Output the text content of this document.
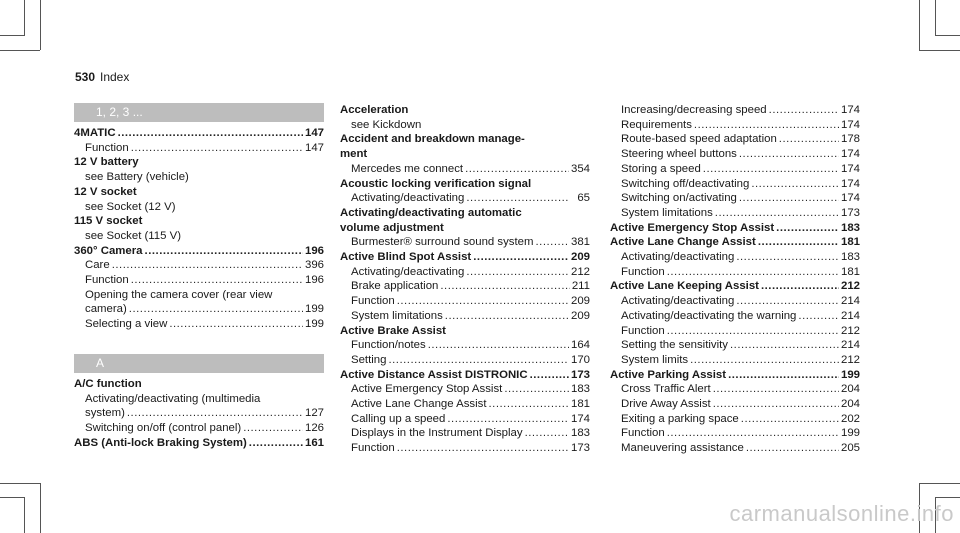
530 Index
1, 2, 3 ...
4MATIC .....	147
Function .....	147
12 V battery
see Battery (vehicle)
12 V socket
see Socket (12 V)
115 V socket
see Socket (115 V)
360° Camera .....	196
Care .....	396
Function .....	196
Opening the camera cover (rear view
camera) .....	199
Selecting a view .....	199
A
A/C function
Activating/deactivating (multimedia
system) .....	127
Switching on/off (control panel) .....	126
ABS (Anti-lock Braking System) .....	161
Acceleration
see Kickdown
Accident and breakdown manage-
ment
Mercedes me connect .....	354
Acoustic locking verification signal
Activating/deactivating .....	65
Activating/deactivating automatic
volume adjustment
Burmester® surround sound system .....	381
Active Blind Spot Assist .....	209
Activating/deactivating .....	212
Brake application .....	211
Function .....	209
System limitations .....	209
Active Brake Assist
Function/notes .....	164
Setting .....	170
Active Distance Assist DISTRONIC .....	173
Active Emergency Stop Assist .....	183
Active Lane Change Assist .....	181
Calling up a speed .....	174
Displays in the Instrument Display .....	183
Function .....	173
Increasing/decreasing speed .....	174
Requirements .....	174
Route-based speed adaptation .....	178
Steering wheel buttons .....	174
Storing a speed .....	174
Switching off/deactivating .....	174
Switching on/activating .....	174
System limitations .....	173
Active Emergency Stop Assist .....	183
Active Lane Change Assist .....	181
Activating/deactivating .....	183
Function .....	181
Active Lane Keeping Assist .....	212
Activating/deactivating .....	214
Activating/deactivating the warning .....	214
Function .....	212
Setting the sensitivity .....	214
System limits .....	212
Active Parking Assist .....	199
Cross Traffic Alert .....	204
Drive Away Assist .....	204
Exiting a parking space .....	202
Function .....	199
Maneuvering assistance .....	205
carmanualsonline.info
